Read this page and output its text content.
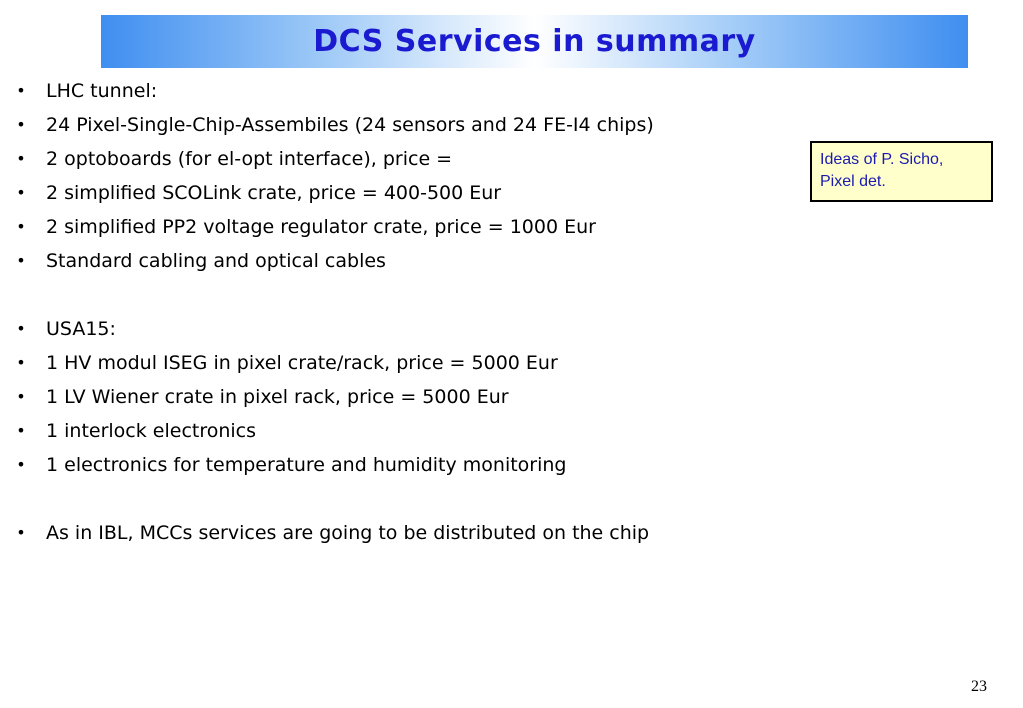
DCS Services in summary
• LHC tunnel:
• 24 Pixel-Single-Chip-Assembiles (24 sensors and 24 FE-I4 chips)
• 2 optoboards (for el-opt interface), price =
• 2 simplified SCOLink crate, price = 400-500 Eur
• 2 simplified PP2 voltage regulator crate, price = 1000 Eur
• Standard cabling and optical cables
• USA15:
• 1 HV modul ISEG in pixel crate/rack, price = 5000 Eur
• 1 LV Wiener crate in pixel rack, price = 5000 Eur
• 1 interlock electronics
• 1 electronics for temperature and humidity monitoring
• As in IBL, MCCs services are going to be distributed on the chip
Ideas of P. Sicho,
Pixel det.
23
